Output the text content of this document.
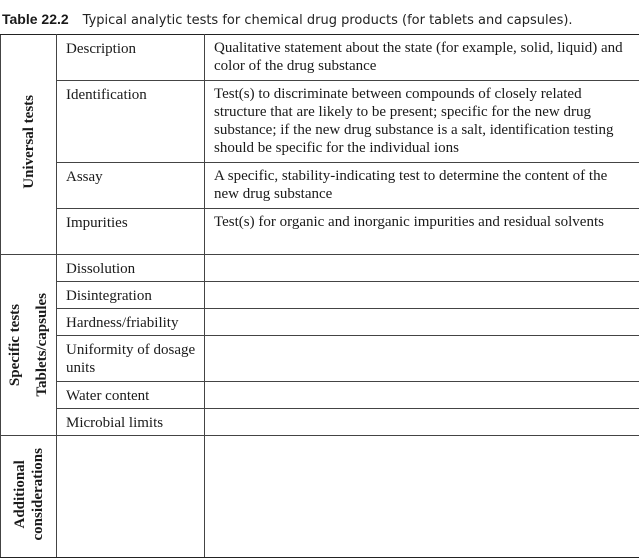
Table 22.2 Typical analytic tests for chemical drug products (for tablets and capsules).
Universal tests	Description	Qualitative statement about the state (for example, solid, liquid) and color of the drug substance
	Identification	Test(s) to discriminate between compounds of closely related structure that are likely to be present; specific for the new drug substance; if the new drug substance is a salt, identification testing should be specific for the individual ions
	Assay	A specific, stability-indicating test to determine the content of the new drug substance
	Impurities	Test(s) for organic and inorganic impurities and residual solvents

Specific tests Tablets/capsules	Dissolution	
	Disintegration	
	Hardness/friability	
	Uniformity of dosage units	
	Water content	
	Microbial limits	
Additional considerations		
